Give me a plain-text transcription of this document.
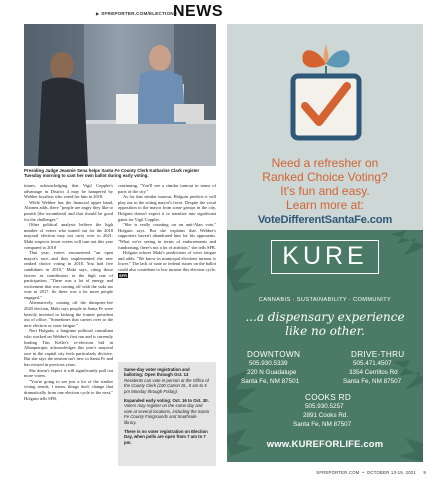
▶ SFREPORTER.COM/ELECTIONS
NEWS
Presiding Judge Jeannie Sena helps Santa Fe County Clerk Katharine Clark register Tuesday morning to cast her own ballot during early voting.

tinues, acknowledging that Vigil Coppler's advantage in District 4 may be hampered by Webber loyalists who voted for him in 2018.

While Webber has the financial upper hand, Alionen adds, there "people are angry they like to punish [the incumbent] and that should be good for the challenger."

Other political analysts believe the high number of voters who turned out for the 2018 mayoral election may not carry over to 2021. Maki suspects fewer voters will turn out this year compared to 2018

That year, voters encountered "an open mayor's race...and they implemented the new ranked choice voting in 2018. You had five candidates in 2018," Maki says, citing those factors as contributors to the high rate of participation. "There was a lot of energy and excitement that was coming off with the soda tax vote in 2017. So there was a lot more people engaged."

Alternatively, coming off the dumpster-fire 2020 election, Maki says people in Santa Fe were heavily invested in kicking the former president out of office. "Sometimes that carries over to the next election as voter fatigue."

Neri Holguin, a longtime political consultant who worked on Webber's first run and is currently leading Tim Keller's re-election bid in Albuquerque, acknowledges this year's mayoral race in the capital city feels particularly divisive. But she says the tension isn't new to Santa Fe and has existed in previous years.

She doesn't expect it will significantly pull out more voters.

"You're going to see just a lot of the similar voting trends, I mean, things don't change that dramatically from one election cycle to the next," Holguin tells SFR,

continuing, "You'll see a similar turnout in terms of parts of the city."

As for that similar turnout, Holguin predicts it will play out in the sitting mayor's favor. Despite the vocal opposition to the mayor from some groups in the city, Holguin doesn't expect it to translate into significant gains for Vigil Coppler.

"She is really counting on an anti-Alan vote," Holguin says. But she explains that Webber's supporters haven't abandoned him for his opponents. "What we're seeing in terms of endorsements and fundraising, there's not a lot of attrition," she tells SFR.

Holguin echoes Maki's predictions of voter fatigue and adds, "We know in municipal elections turnout is lower." The lack of state or federal issues on the ballot could also contribute to low turnout this election cycle. SFR

Same-day voter registration and balloting: Open through Oct. 13
Residents can vote in-person at the Office of the County Clerk (100 Catron St., 8 am to 5 pm Monday through Friday).
Expanded early voting: Oct. 16 to Oct. 30.
Voters may register on the same day and vote at several locations, including the Santa Fe County Fairgrounds and Southside library.
There is no voter registration on Election Day, when polls are open from 7 am to 7 pm.
Need a refresher on
Ranked Choice Voting?
It's fun and easy.
Learn more at:
VoteDifferentSantaFe.com
KURE
CANNABIS · SUSTAINABILITY · COMMUNITY
...a dispensary experience
like no other.
DOWNTOWN
505.930.5339
220 N Guadalupe
Santa Fe, NM 87501
DRIVE-THRU
505.471.4507
3354 Cerrillos Rd
Santa Fe, NM 87507
COOKS RD
505.930.5257
2891 Cooks Rd.
Santa Fe, NM 87507
www.KUREFORLIFE.com
SFREPORTER.COM  •  OCTOBER 13-19, 2021 9
